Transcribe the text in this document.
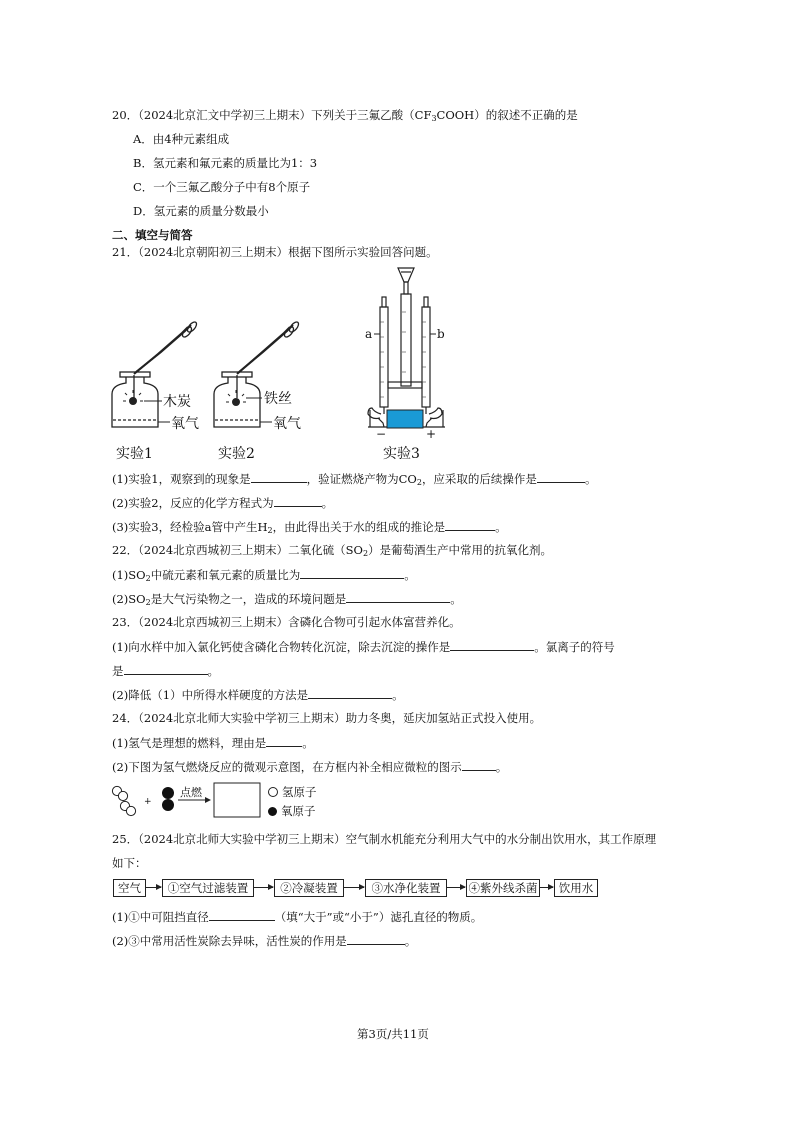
20．（2024北京汇文中学初三上期末）下列关于三氟乙酸$(CF_3COOH)$的叙述不正确的是
A．由4种元素组成
B．氢元素和氟元素的质量比为1：3
C．一个三氟乙酸分子中有8个原子
D．氢元素的质量分数最小
二、填空与简答
21．（2024北京朝阳初三上期末）根据下图所示实验回答问题。
木炭
氧气
实验1
铁丝
氧气
实验2
a	b
−	+
实验3
(1)实验1，观察到的现象是	，验证燃烧产物为$CO_2$，应采取的后续操作是	。
(2)实验2，反应的化学方程式为	。
(3)实验3，经检验a管中产生$H_2$，由此得出关于水的组成的推论是	。
22．（2024北京西城初三上期末）二氧化硫$(SO_2)$是葡萄酒生产中常用的抗氧化剂。
$(1)SO_2$中硫元素和氧元素的质量比为	。
$(2)SO_2$是大气污染物之一，造成的环境问题是	。
23．（2024北京西城初三上期末）含磷化合物可引起水体富营养化。
(1)向水样中加入氯化钙使含磷化合物转化沉淀，除去沉淀的操作是	。氯离子的符号
是	。
(2)降低（1）中所得水样硬度的方法是	。
24．（2024北京北师大实验中学初三上期末）助力冬奥，延庆加氢站正式投入使用。
(1)氢气是理想的燃料，理由是	。
(2)下图为氢气燃烧反应的微观示意图，在方框内补全相应微粒的图示	。
+
点燃	氢原子
氧原子
25．（2024北京北师大实验中学初三上期末）空气制水机能充分利用大气中的水分制出饮用水，其工作原理
如下：
空气	①空气过滤装置	②冷凝装置	③水净化装置	④紫外线杀菌	饮用水
(1)①中可阻挡直径	（填“大于”或“小于”）滤孔直径的物质。
(2)③中常用活性炭除去异味，活性炭的作用是	。
第3页/共11页
